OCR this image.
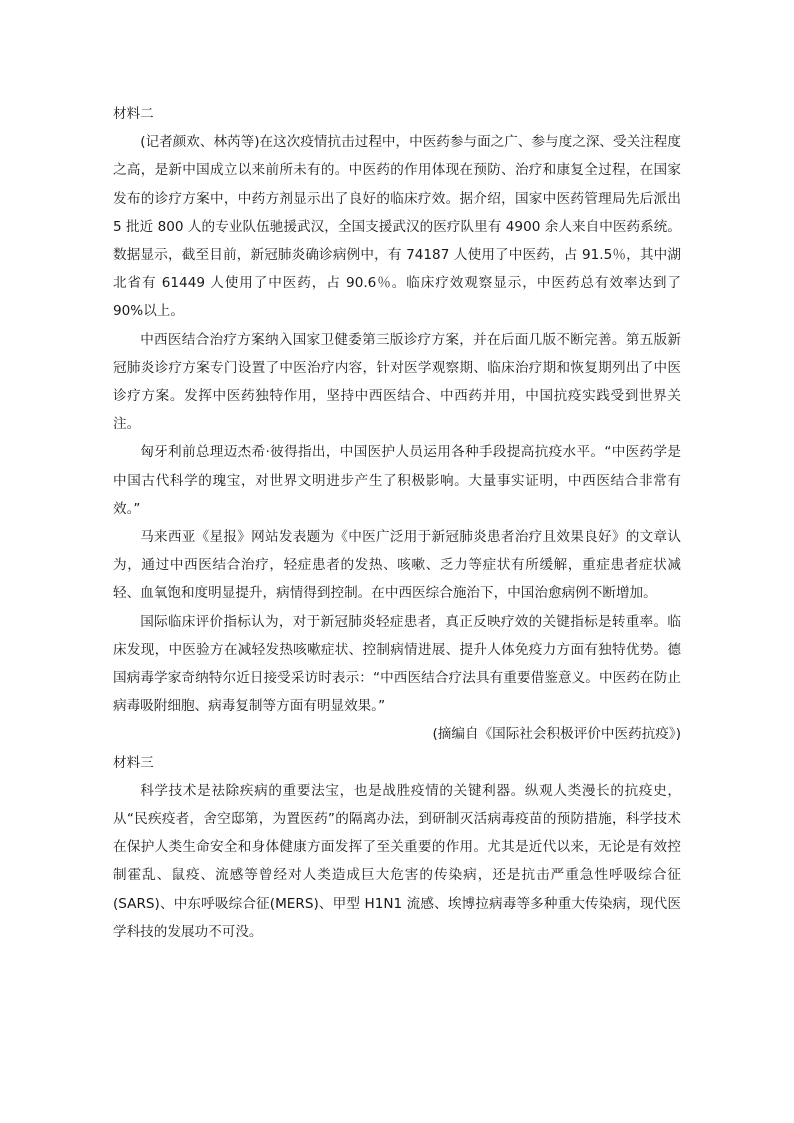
材料二

(记者颜欢、林芮等)在这次疫情抗击过程中，中医药参与面之广、参与度之深、受关注程度之高，是新中国成立以来前所未有的。中医药的作用体现在预防、治疗和康复全过程，在国家发布的诊疗方案中，中药方剂显示出了良好的临床疗效。据介绍，国家中医药管理局先后派出 5 批近 800 人的专业队伍驰援武汉，全国支援武汉的医疗队里有 4900 余人来自中医药系统。数据显示，截至目前，新冠肺炎确诊病例中，有 74187 人使用了中医药，占 91.5％，其中湖北省有 61449 人使用了中医药，占 90.6％。临床疗效观察显示，中医药总有效率达到了 90%以上。

中西医结合治疗方案纳入国家卫健委第三版诊疗方案，并在后面几版不断完善。第五版新冠肺炎诊疗方案专门设置了中医治疗内容，针对医学观察期、临床治疗期和恢复期列出了中医诊疗方案。发挥中医药独特作用，坚持中西医结合、中西药并用，中国抗疫实践受到世界关注。

匈牙利前总理迈杰希·彼得指出，中国医护人员运用各种手段提高抗疫水平。“中医药学是中国古代科学的瑰宝，对世界文明进步产生了积极影响。大量事实证明，中西医结合非常有效。”

马来西亚《星报》网站发表题为《中医广泛用于新冠肺炎患者治疗且效果良好》的文章认为，通过中西医结合治疗，轻症患者的发热、咳嗽、乏力等症状有所缓解，重症患者症状减轻、血氧饱和度明显提升，病情得到控制。在中西医综合施治下，中国治愈病例不断增加。

国际临床评价指标认为，对于新冠肺炎轻症患者，真正反映疗效的关键指标是转重率。临床发现，中医验方在减轻发热咳嗽症状、控制病情进展、提升人体免疫力方面有独特优势。德国病毒学家奇纳特尔近日接受采访时表示：“中西医结合疗法具有重要借鉴意义。中医药在防止病毒吸附细胞、病毒复制等方面有明显效果。”

(摘编自《国际社会积极评价中医药抗疫》)

材料三

科学技术是祛除疾病的重要法宝，也是战胜疫情的关键利器。纵观人类漫长的抗疫史，从“民疾疫者，舍空邸第，为置医药”的隔离办法，到研制灭活病毒疫苗的预防措施，科学技术在保护人类生命安全和身体健康方面发挥了至关重要的作用。尤其是近代以来，无论是有效控制霍乱、鼠疫、流感等曾经对人类造成巨大危害的传染病，还是抗击严重急性呼吸综合征(SARS)、中东呼吸综合征(MERS)、甲型 H1N1 流感、埃博拉病毒等多种重大传染病，现代医学科技的发展功不可没。
